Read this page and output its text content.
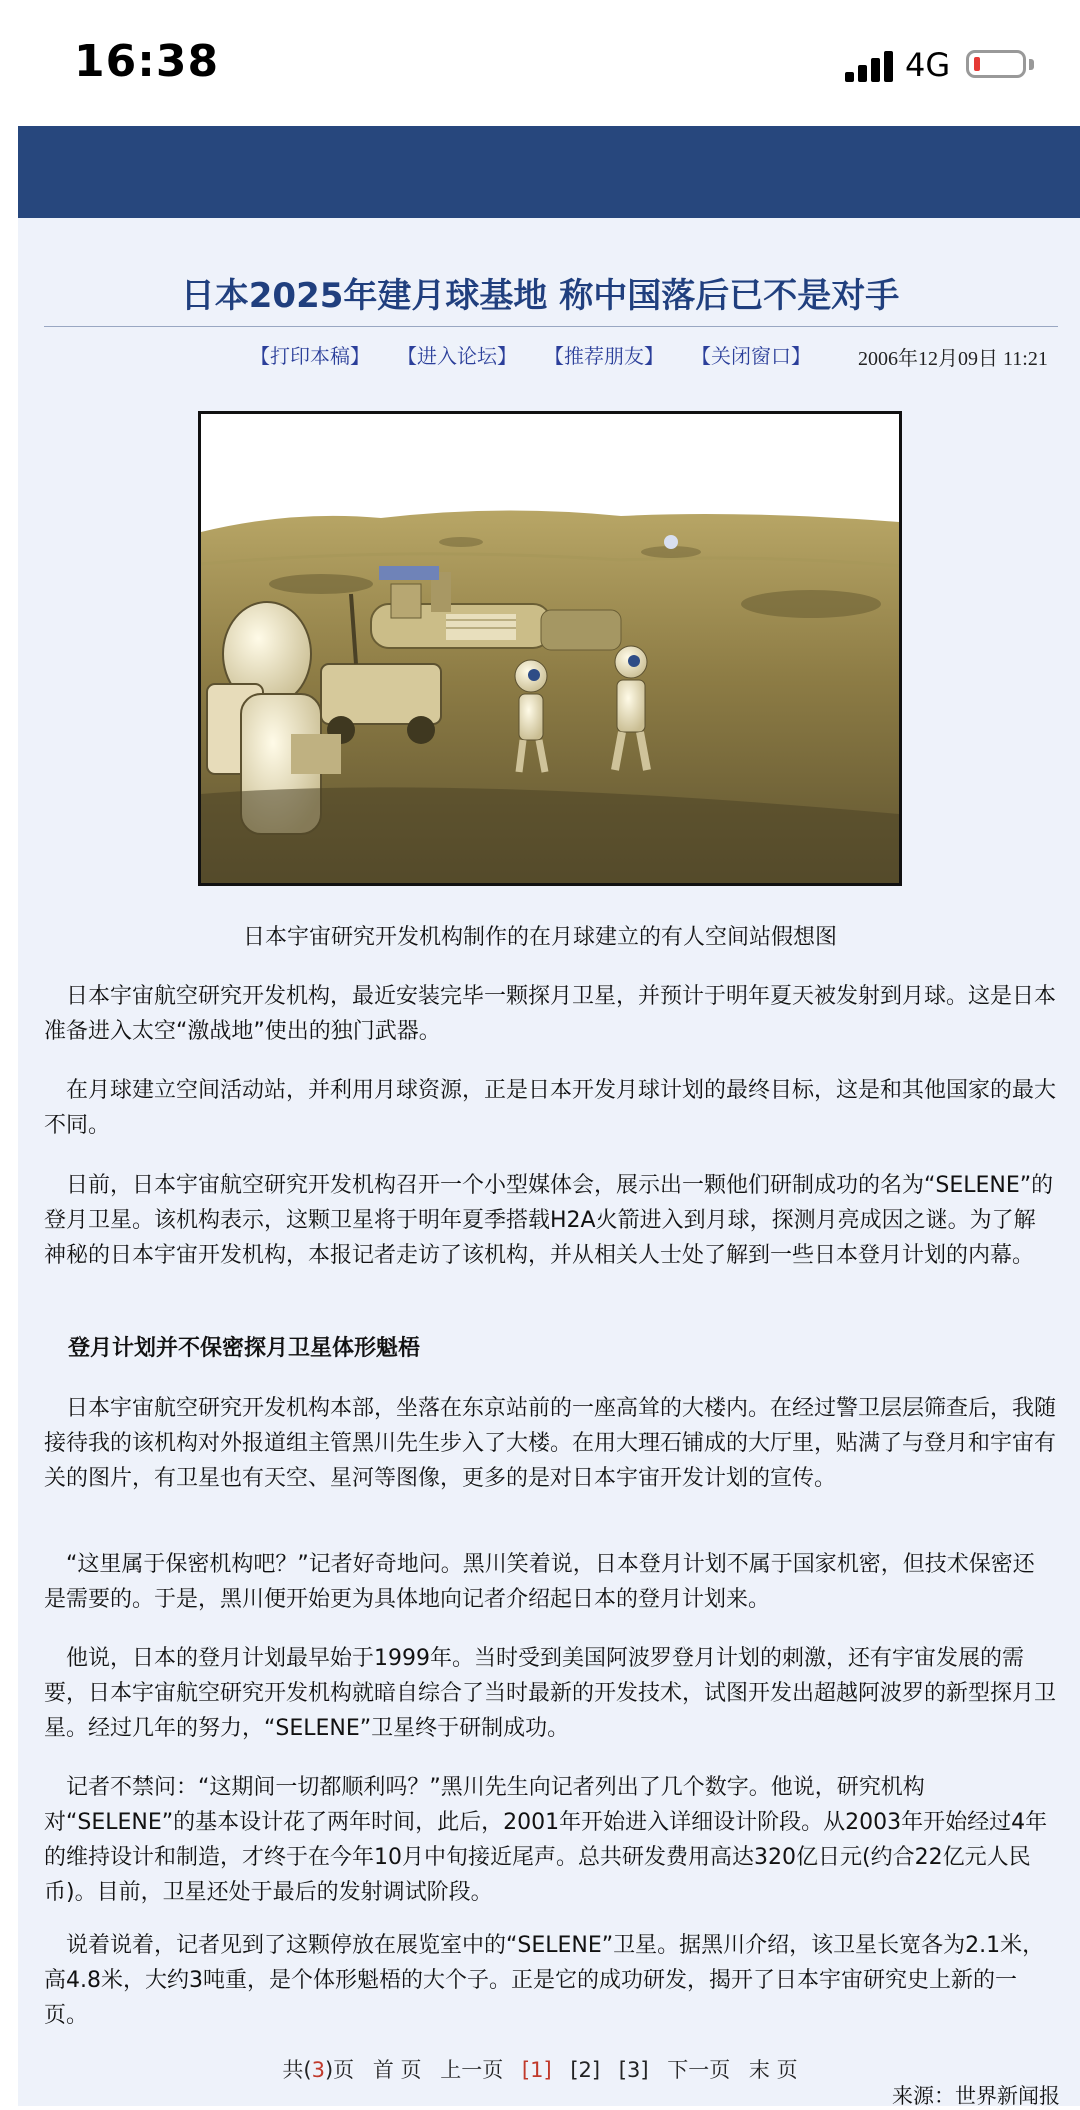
16:38	4G
日本2025年建月球基地 称中国落后已不是对手
【打印本稿】 【进入论坛】 【推荐朋友】 【关闭窗口】 2006年12月09日 11:21
日本宇宙研究开发机构制作的在月球建立的有人空间站假想图
日本宇宙航空研究开发机构，最近安装完毕一颗探月卫星，并预计于明年夏天被发射到月球。这是日本准备进入太空“激战地”使出的独门武器。
在月球建立空间活动站，并利用月球资源，正是日本开发月球计划的最终目标，这是和其他国家的最大不同。
日前，日本宇宙航空研究开发机构召开一个小型媒体会，展示出一颗他们研制成功的名为“SELENE”的登月卫星。该机构表示，这颗卫星将于明年夏季搭载H2A火箭进入到月球，探测月亮成因之谜。为了解神秘的日本宇宙开发机构，本报记者走访了该机构，并从相关人士处了解到一些日本登月计划的内幕。
登月计划并不保密探月卫星体形魁梧
日本宇宙航空研究开发机构本部，坐落在东京站前的一座高耸的大楼内。在经过警卫层层筛查后，我随接待我的该机构对外报道组主管黑川先生步入了大楼。在用大理石铺成的大厅里，贴满了与登月和宇宙有关的图片，有卫星也有天空、星河等图像，更多的是对日本宇宙开发计划的宣传。
“这里属于保密机构吧？”记者好奇地问。黑川笑着说，日本登月计划不属于国家机密，但技术保密还是需要的。于是，黑川便开始更为具体地向记者介绍起日本的登月计划来。
他说，日本的登月计划最早始于1999年。当时受到美国阿波罗登月计划的刺激，还有宇宙发展的需要，日本宇宙航空研究开发机构就暗自综合了当时最新的开发技术，试图开发出超越阿波罗的新型探月卫星。经过几年的努力，“SELENE”卫星终于研制成功。
记者不禁问：“这期间一切都顺利吗？”黑川先生向记者列出了几个数字。他说，研究机构对“SELENE”的基本设计花了两年时间，此后，2001年开始进入详细设计阶段。从2003年开始经过4年的维持设计和制造，才终于在今年10月中旬接近尾声。总共研发费用高达320亿日元(约合22亿元人民币)。目前，卫星还处于最后的发射调试阶段。
说着说着，记者见到了这颗停放在展览室中的“SELENE”卫星。据黑川介绍，该卫星长宽各为2.1米，高4.8米，大约3吨重，是个体形魁梧的大个子。正是它的成功研发，揭开了日本宇宙研究史上新的一页。
共(3)页 首 页 上一页 [1] [2] [3] 下一页 末 页
来源：世界新闻报
